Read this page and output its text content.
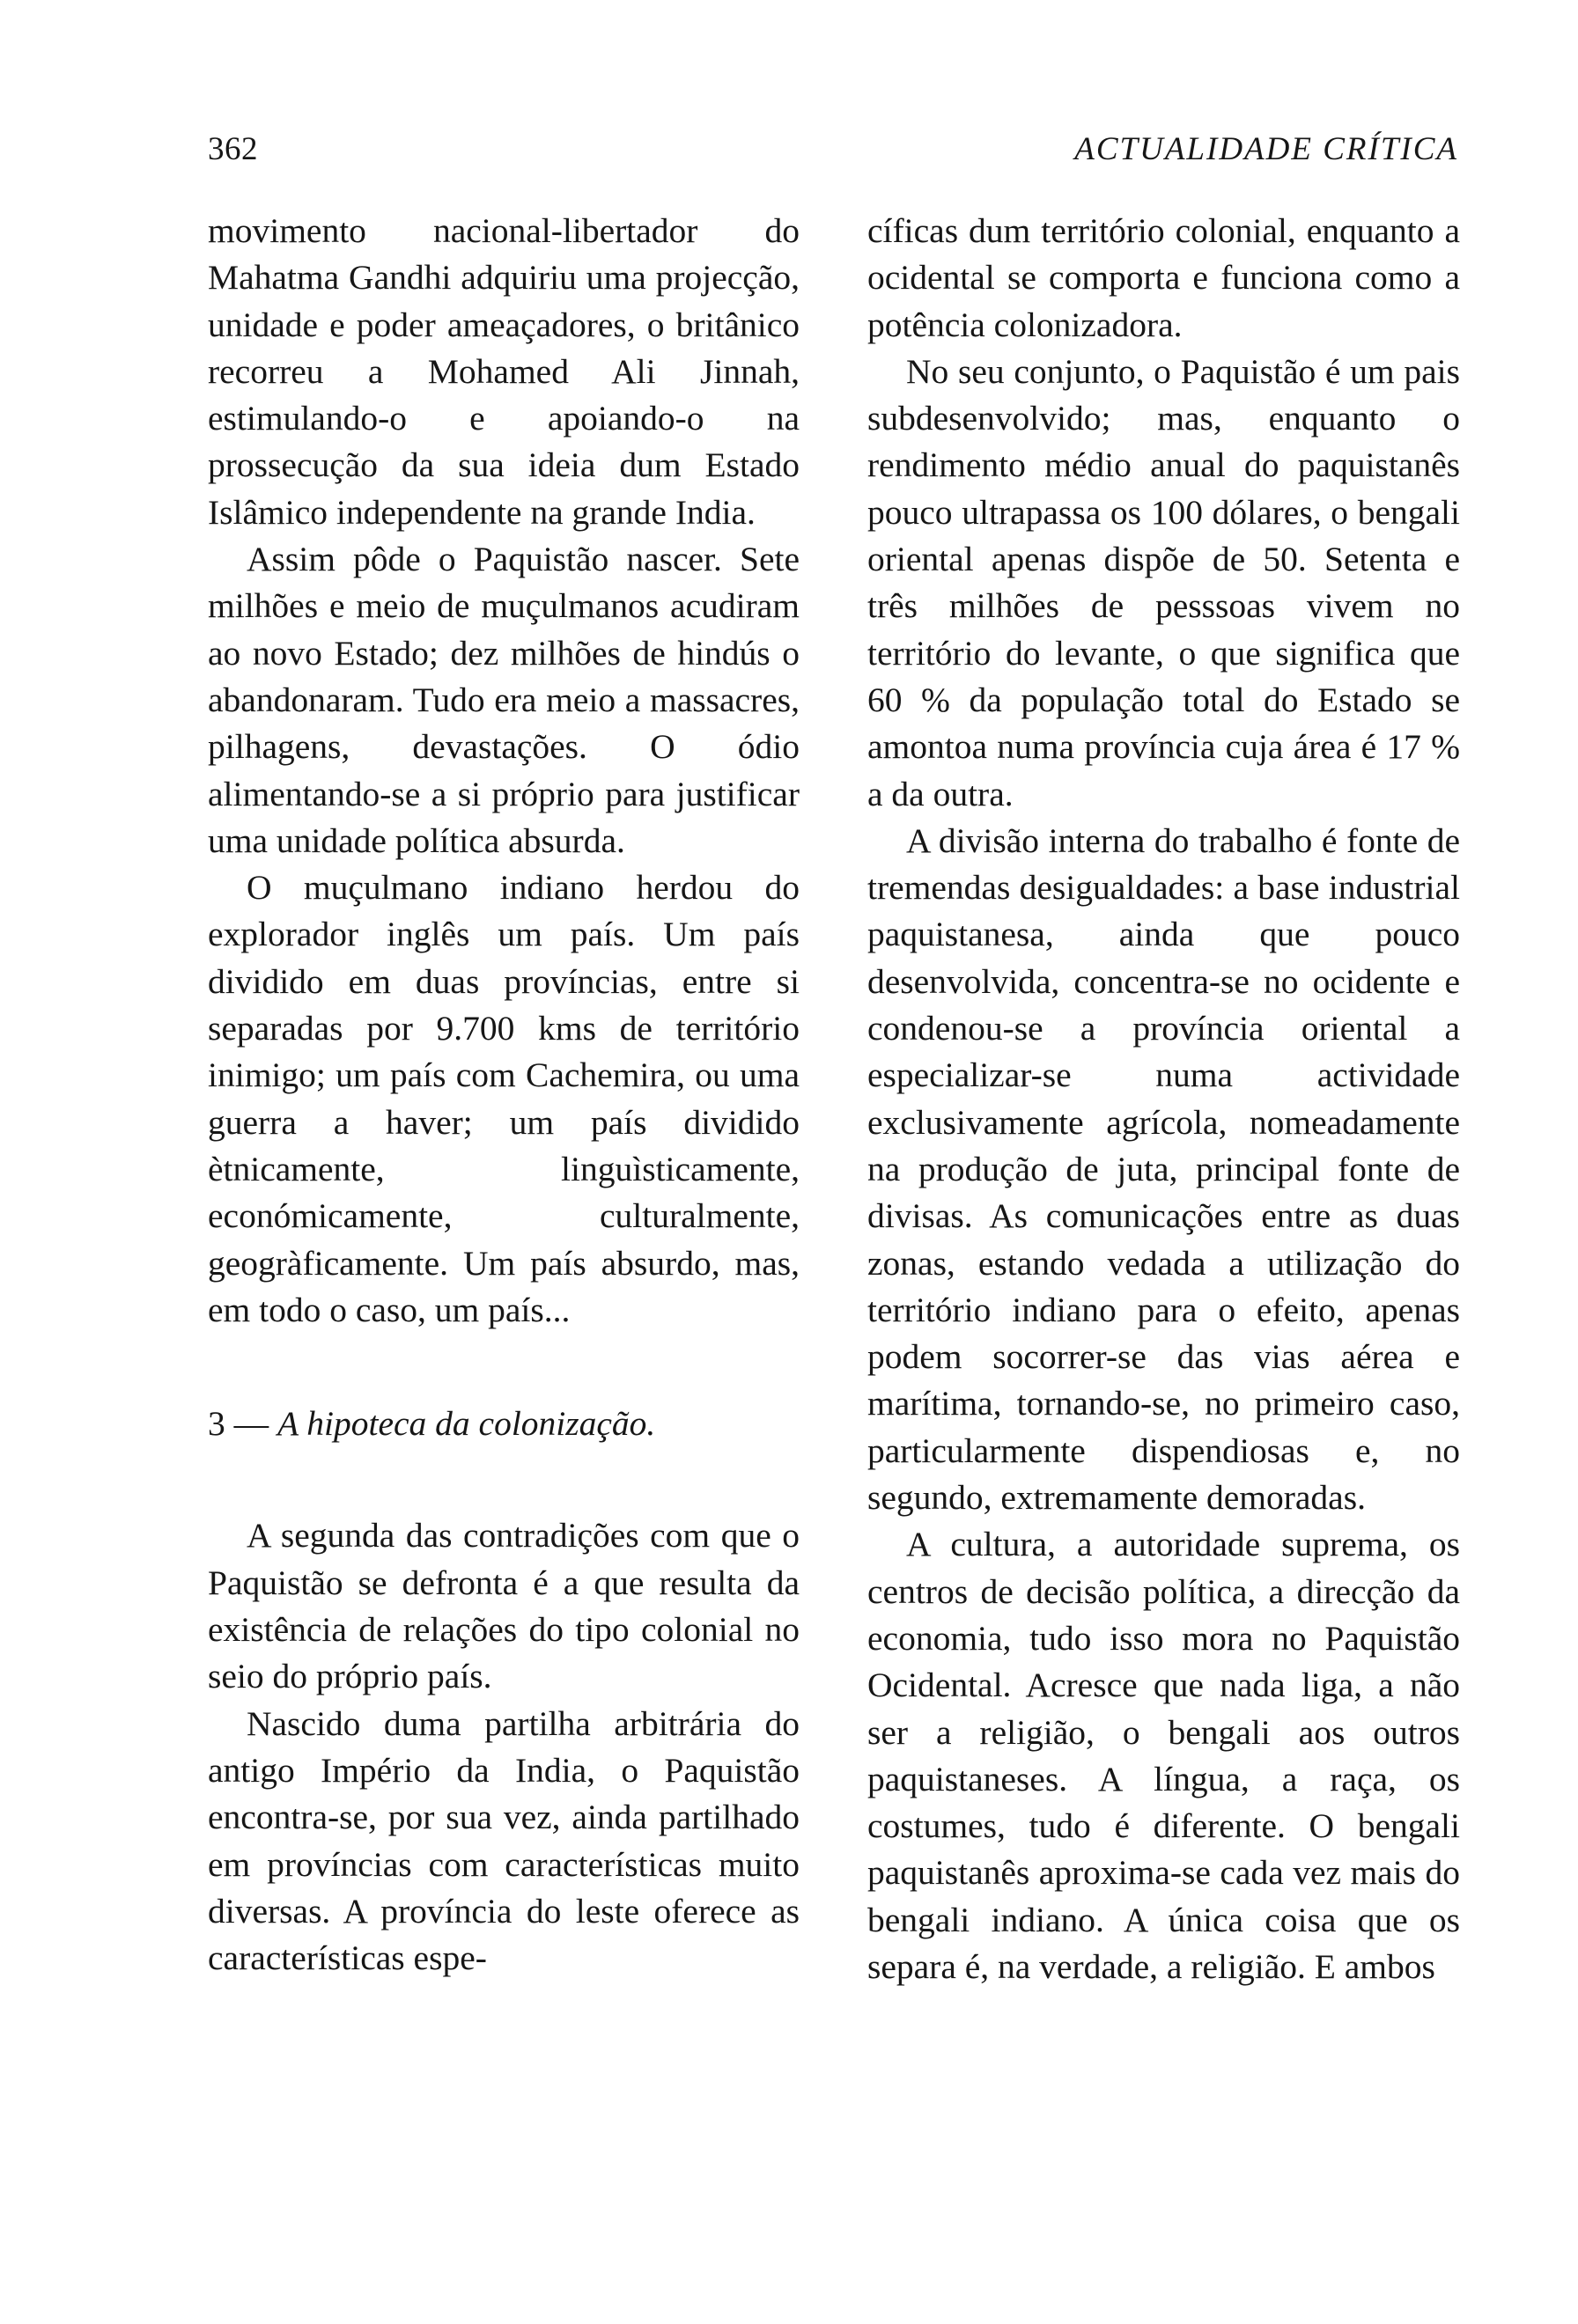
362	ACTUALIDADE CRÍTICA

movimento nacional-libertador do Mahatma Gandhi adquiriu uma projecção, unidade e poder ameaçadores, o britânico recorreu a Mohamed Ali Jinnah, estimulando-o e apoiando-o na prossecução da sua ideia dum Estado Islâmico independente na grande India.

Assim pôde o Paquistão nascer. Sete milhões e meio de muçulmanos acudiram ao novo Estado; dez milhões de hindús o abandonaram. Tudo era meio a massacres, pilhagens, devastações. O ódio alimentando-se a si próprio para justificar uma unidade política absurda.

O muçulmano indiano herdou do explorador inglês um país. Um país dividido em duas províncias, entre si separadas por 9.700 kms de território inimigo; um país com Cachemira, ou uma guerra a haver; um país dividido ètnicamente, linguìsticamente, económicamente, culturalmente, geogràficamente. Um país absurdo, mas, em todo o caso, um país...

3 — A hipoteca da colonização.

A segunda das contradições com que o Paquistão se defronta é a que resulta da existência de relações do tipo colonial no seio do próprio país.

Nascido duma partilha arbitrária do antigo Império da India, o Paquistão encontra-se, por sua vez, ainda partilhado em províncias com características muito diversas. A província do leste oferece as características espe-

cíficas dum território colonial, enquanto a ocidental se comporta e funciona como a potência colonizadora.

No seu conjunto, o Paquistão é um pais subdesenvolvido; mas, enquanto o rendimento médio anual do paquistanês pouco ultrapassa os 100 dólares, o bengali oriental apenas dispõe de 50. Setenta e três milhões de pesssoas vivem no território do levante, o que significa que 60 % da população total do Estado se amontoa numa província cuja área é 17 % a da outra.

A divisão interna do trabalho é fonte de tremendas desigualdades: a base industrial paquistanesa, ainda que pouco desenvolvida, concentra-se no ocidente e condenou-se a província oriental a especializar-se numa actividade exclusivamente agrícola, nomeadamente na produção de juta, principal fonte de divisas. As comunicações entre as duas zonas, estando vedada a utilização do território indiano para o efeito, apenas podem socorrer-se das vias aérea e marítima, tornando-se, no primeiro caso, particularmente dispendiosas e, no segundo, extremamente demoradas.

A cultura, a autoridade suprema, os centros de decisão política, a direcção da economia, tudo isso mora no Paquistão Ocidental. Acresce que nada liga, a não ser a religião, o bengali aos outros paquistaneses. A língua, a raça, os costumes, tudo é diferente. O bengali paquistanês aproxima-se cada vez mais do bengali indiano. A única coisa que os separa é, na verdade, a religião. E ambos
